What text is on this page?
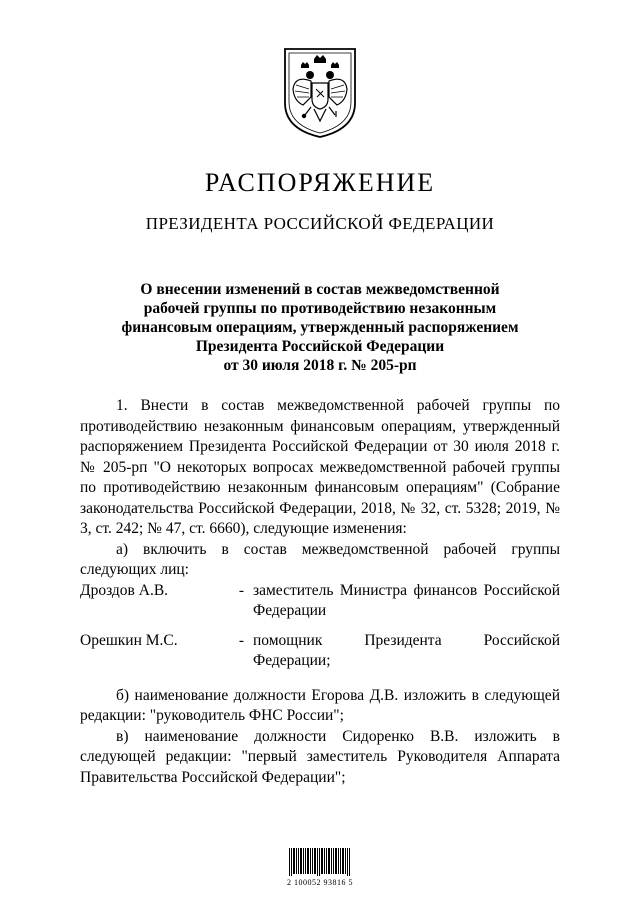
РАСПОРЯЖЕНИЕ
ПРЕЗИДЕНТА РОССИЙСКОЙ ФЕДЕРАЦИИ
О внесении изменений в состав межведомственной
рабочей группы по противодействию незаконным
финансовым операциям, утвержденный распоряжением
Президента Российской Федерации
от 30 июля 2018 г. № 205-рп

1. Внести в состав межведомственной рабочей группы по противодействию незаконным финансовым операциям, утвержденный распоряжением Президента Российской Федерации от 30 июля 2018 г. № 205-рп "О некоторых вопросах межведомственной рабочей группы по противодействию незаконным финансовым операциям" (Собрание законодательства Российской Федерации, 2018, № 32, ст. 5328; 2019, № 3, ст. 242; № 47, ст. 6660), следующие изменения:

а) включить в состав межведомственной рабочей группы следующих лиц:

Дроздов А.В.	- заместитель Министра финансов Российской Федерации
Орешкин М.С.	- помощник Президента Российской Федерации;

б) наименование должности Егорова Д.В. изложить в следующей редакции: "руководитель ФНС России";

в) наименование должности Сидоренко В.В. изложить в следующей редакции: "первый заместитель Руководителя Аппарата Правительства Российской Федерации";

2 100052 93816 5
